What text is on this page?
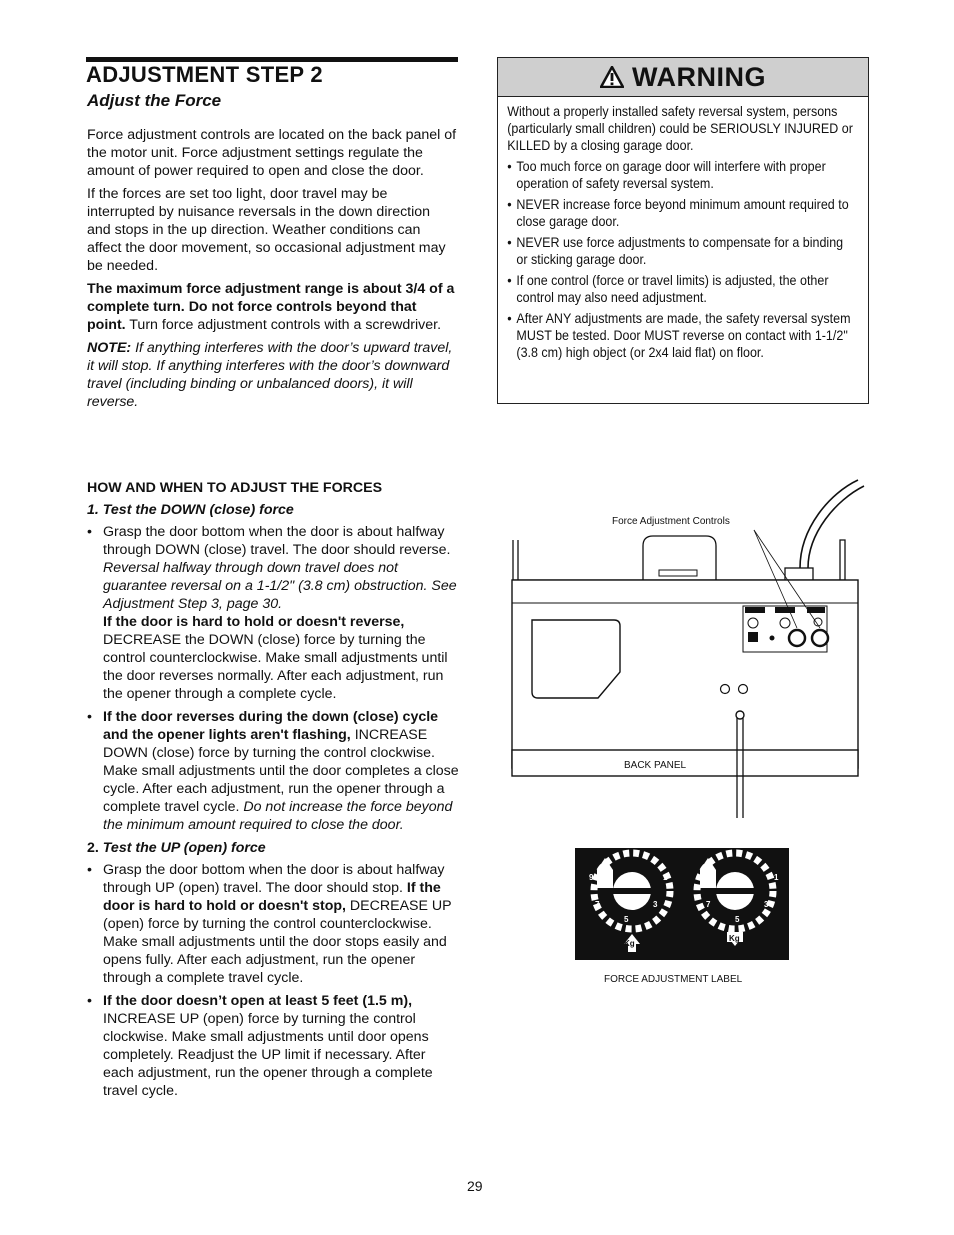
ADJUSTMENT STEP 2
Adjust the Force

Force adjustment controls are located on the back panel of the motor unit. Force adjustment settings regulate the amount of power required to open and close the door.

If the forces are set too light, door travel may be interrupted by nuisance reversals in the down direction and stops in the up direction. Weather conditions can affect the door movement, so occasional adjustment may be needed.

The maximum force adjustment range is about 3/4 of a complete turn. Do not force controls beyond that point. Turn force adjustment controls with a screwdriver.

NOTE: If anything interferes with the door’s upward travel, it will stop. If anything interferes with the door’s downward travel (including binding or unbalanced doors), it will reverse.

HOW AND WHEN TO ADJUST THE FORCES

1. Test the DOWN (close) force

• Grasp the door bottom when the door is about halfway through DOWN (close) travel. The door should reverse. Reversal halfway through down travel does not guarantee reversal on a 1-1/2" (3.8 cm) obstruction. See Adjustment Step 3, page 30.
If the door is hard to hold or doesn't reverse, DECREASE the DOWN (close) force by turning the control counterclockwise. Make small adjustments until the door reverses normally. After each adjustment, run the opener through a complete cycle.

• If the door reverses during the down (close) cycle and the opener lights aren't flashing, INCREASE DOWN (close) force by turning the control clockwise. Make small adjustments until the door completes a close cycle. After each adjustment, run the opener through a complete travel cycle. Do not increase the force beyond the minimum amount required to close the door.

2. Test the UP (open) force

• Grasp the door bottom when the door is about halfway through UP (open) travel. The door should stop. If the door is hard to hold or doesn't stop, DECREASE UP (open) force by turning the control counterclockwise. Make small adjustments until the door stops easily and opens fully. After each adjustment, run the opener through a complete travel cycle.

• If the door doesn’t open at least 5 feet (1.5 m), INCREASE UP (open) force by turning the control clockwise. Make small adjustments until door opens completely. Readjust the UP limit if necessary. After each adjustment, run the opener through a complete travel cycle.

WARNING

Without a properly installed safety reversal system, persons (particularly small children) could be SERIOUSLY INJURED or KILLED by a closing garage door.

• Too much force on garage door will interfere with proper operation of safety reversal system.

• NEVER increase force beyond minimum amount required to close garage door.

• NEVER use force adjustments to compensate for a binding or sticking garage door.

• If one control (force or travel limits) is adjusted, the other control may also need adjustment.

• After ANY adjustments are made, the safety reversal system MUST be tested. Door MUST reverse on contact with 1-1/2" (3.8 cm) high object (or 2x4 laid flat) on floor.

Force Adjustment Controls
BACK PANEL
9	1
7	3
5
Kg
9	1
7	3
5
Kg
FORCE ADJUSTMENT LABEL
29
